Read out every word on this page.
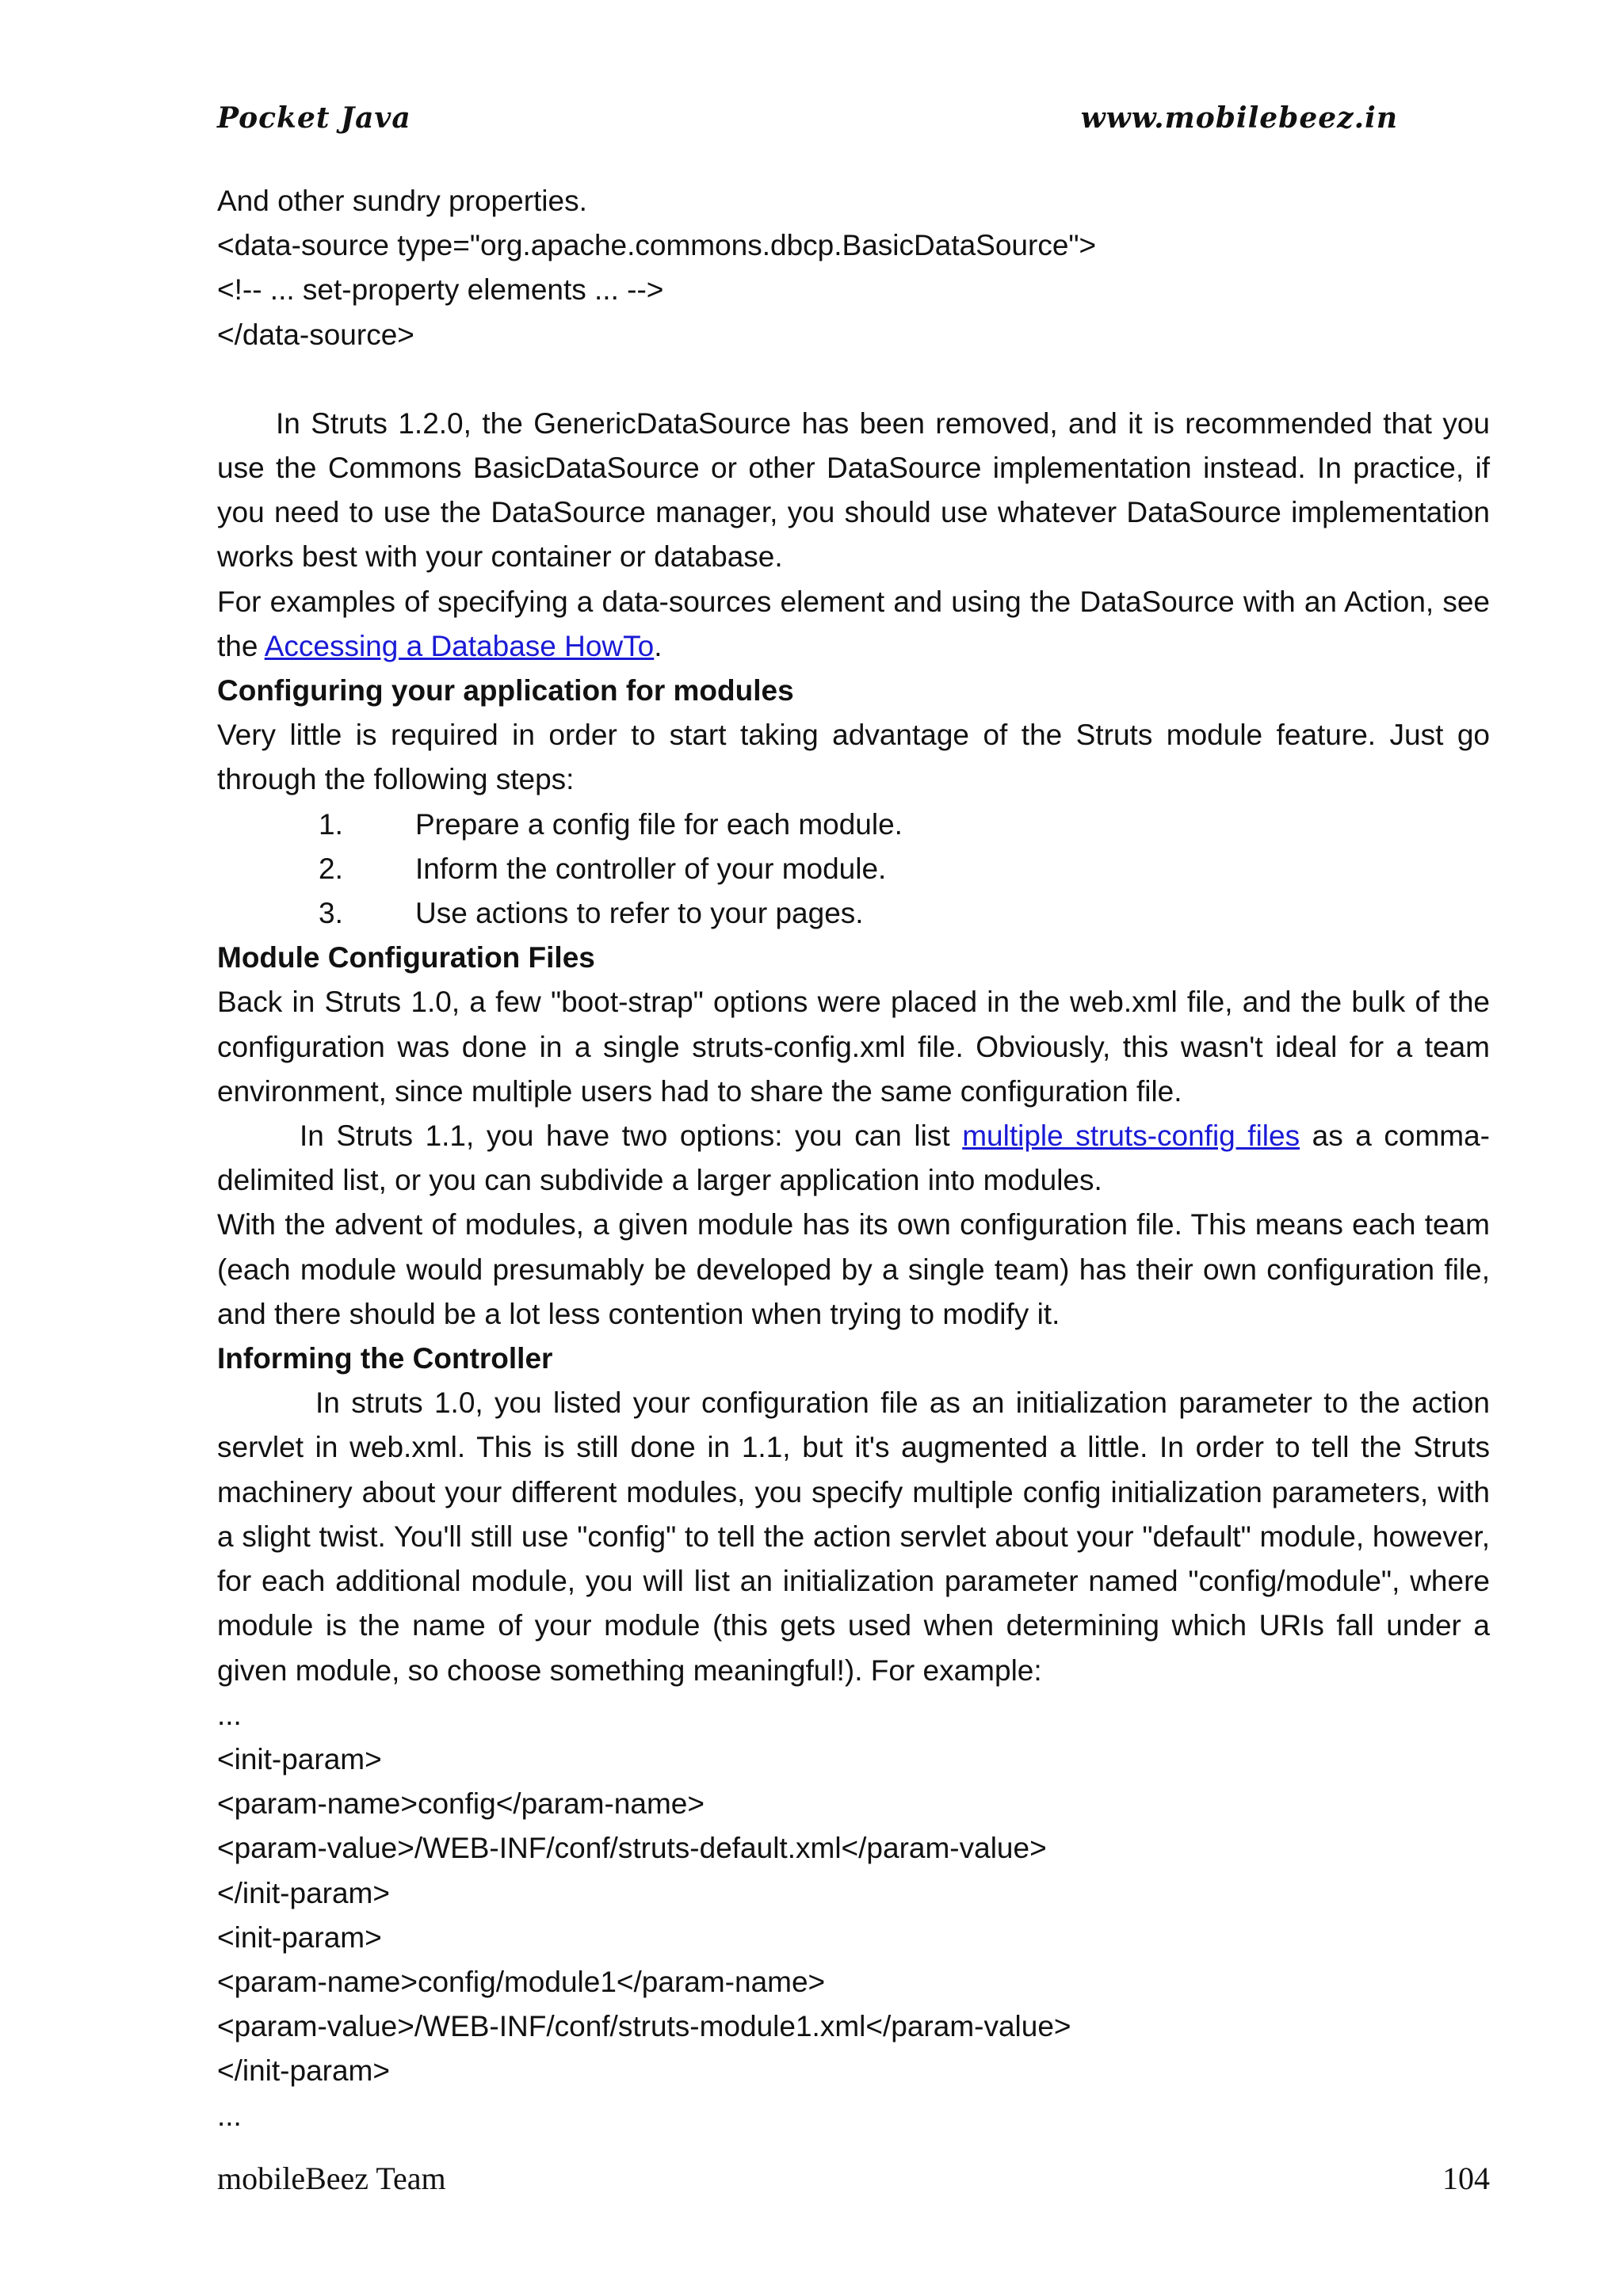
Pocket Java	www.mobilebeez.in

And other sundry properties.

<data-source type="org.apache.commons.dbcp.BasicDataSource">

<!-- ... set-property elements ... -->

</data-source>

In Struts 1.2.0, the GenericDataSource has been removed, and it is recommended that you use the Commons BasicDataSource or other DataSource implementation instead. In practice, if you need to use the DataSource manager, you should use whatever DataSource implementation works best with your container or database.

For examples of specifying a data-sources element and using the DataSource with an Action, see the Accessing a Database HowTo.

Configuring your application for modules

Very little is required in order to start taking advantage of the Struts module feature. Just go through the following steps:

1. Prepare a config file for each module.
2. Inform the controller of your module.
3. Use actions to refer to your pages.

Module Configuration Files

Back in Struts 1.0, a few "boot-strap" options were placed in the web.xml file, and the bulk of the configuration was done in a single struts-config.xml file. Obviously, this wasn't ideal for a team environment, since multiple users had to share the same configuration file.

In Struts 1.1, you have two options: you can list multiple struts-config files as a comma-delimited list, or you can subdivide a larger application into modules.

With the advent of modules, a given module has its own configuration file. This means each team (each module would presumably be developed by a single team) has their own configuration file, and there should be a lot less contention when trying to modify it.

Informing the Controller

In struts 1.0, you listed your configuration file as an initialization parameter to the action servlet in web.xml. This is still done in 1.1, but it's augmented a little. In order to tell the Struts machinery about your different modules, you specify multiple config initialization parameters, with a slight twist. You'll still use "config" to tell the action servlet about your "default" module, however, for each additional module, you will list an initialization parameter named "config/module", where module is the name of your module (this gets used when determining which URIs fall under a given module, so choose something meaningful!). For example:

...

<init-param>

<param-name>config</param-name>

<param-value>/WEB-INF/conf/struts-default.xml</param-value>

</init-param>

<init-param>

<param-name>config/module1</param-name>

<param-value>/WEB-INF/conf/struts-module1.xml</param-value>

</init-param>

...

mobileBeez Team	104
